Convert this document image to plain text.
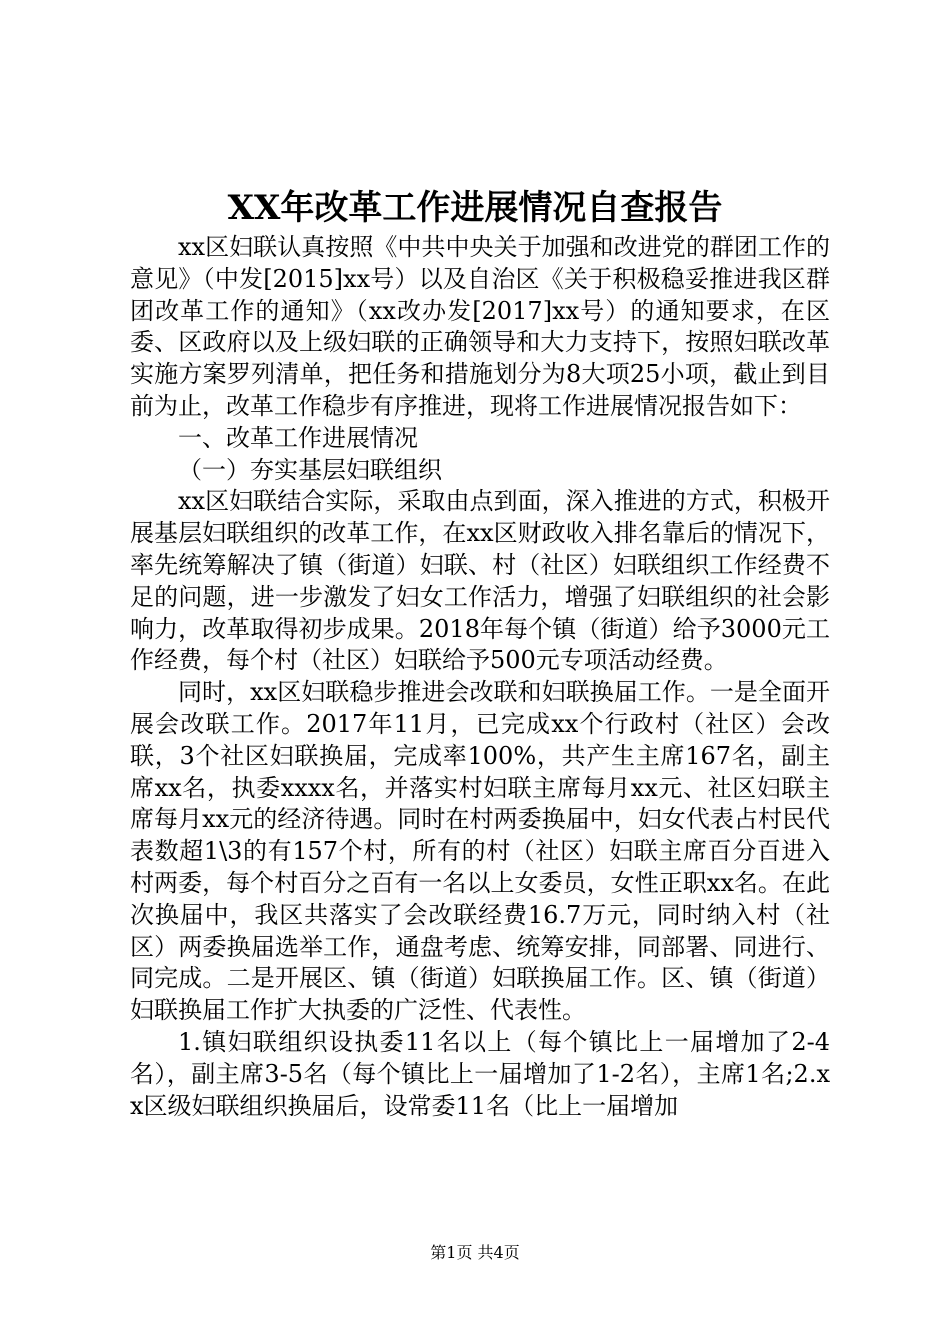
XX年改革工作进展情况自查报告

xx区妇联认真按照《中共中央关于加强和改进党的群团工作的意见》（中发[2015]xx号）以及自治区《关于积极稳妥推进我区群团改革工作的通知》（xx改办发[2017]xx号）的通知要求，在区委、区政府以及上级妇联的正确领导和大力支持下，按照妇联改革实施方案罗列清单，把任务和措施划分为8大项25小项，截止到目前为止，改革工作稳步有序推进，现将工作进展情况报告如下：

一、改革工作进展情况

（一）夯实基层妇联组织

xx区妇联结合实际，采取由点到面，深入推进的方式，积极开展基层妇联组织的改革工作，在xx区财政收入排名靠后的情况下，率先统筹解决了镇（街道）妇联、村（社区）妇联组织工作经费不足的问题，进一步激发了妇女工作活力，增强了妇联组织的社会影响力，改革取得初步成果。2018年每个镇（街道）给予3000元工作经费，每个村（社区）妇联给予500元专项活动经费。

同时，xx区妇联稳步推进会改联和妇联换届工作。一是全面开展会改联工作。2017年11月，已完成xx个行政村（社区）会改联，3个社区妇联换届，完成率100%，共产生主席167名，副主席xx名，执委xxxx名，并落实村妇联主席每月xx元、社区妇联主席每月xx元的经济待遇。同时在村两委换届中，妇女代表占村民代表数超1\3的有157个村，所有的村（社区）妇联主席百分百进入村两委，每个村百分之百有一名以上女委员，女性正职xx名。在此次换届中，我区共落实了会改联经费16.7万元，同时纳入村（社区）两委换届选举工作，通盘考虑、统筹安排，同部署、同进行、同完成。二是开展区、镇（街道）妇联换届工作。区、镇（街道）妇联换届工作扩大执委的广泛性、代表性。

1.镇妇联组织设执委11名以上（每个镇比上一届增加了2-4名），副主席3-5名（每个镇比上一届增加了1-2名），主席1名;2.xx区级妇联组织换届后，设常委11名（比上一届增加

第1页 共4页
